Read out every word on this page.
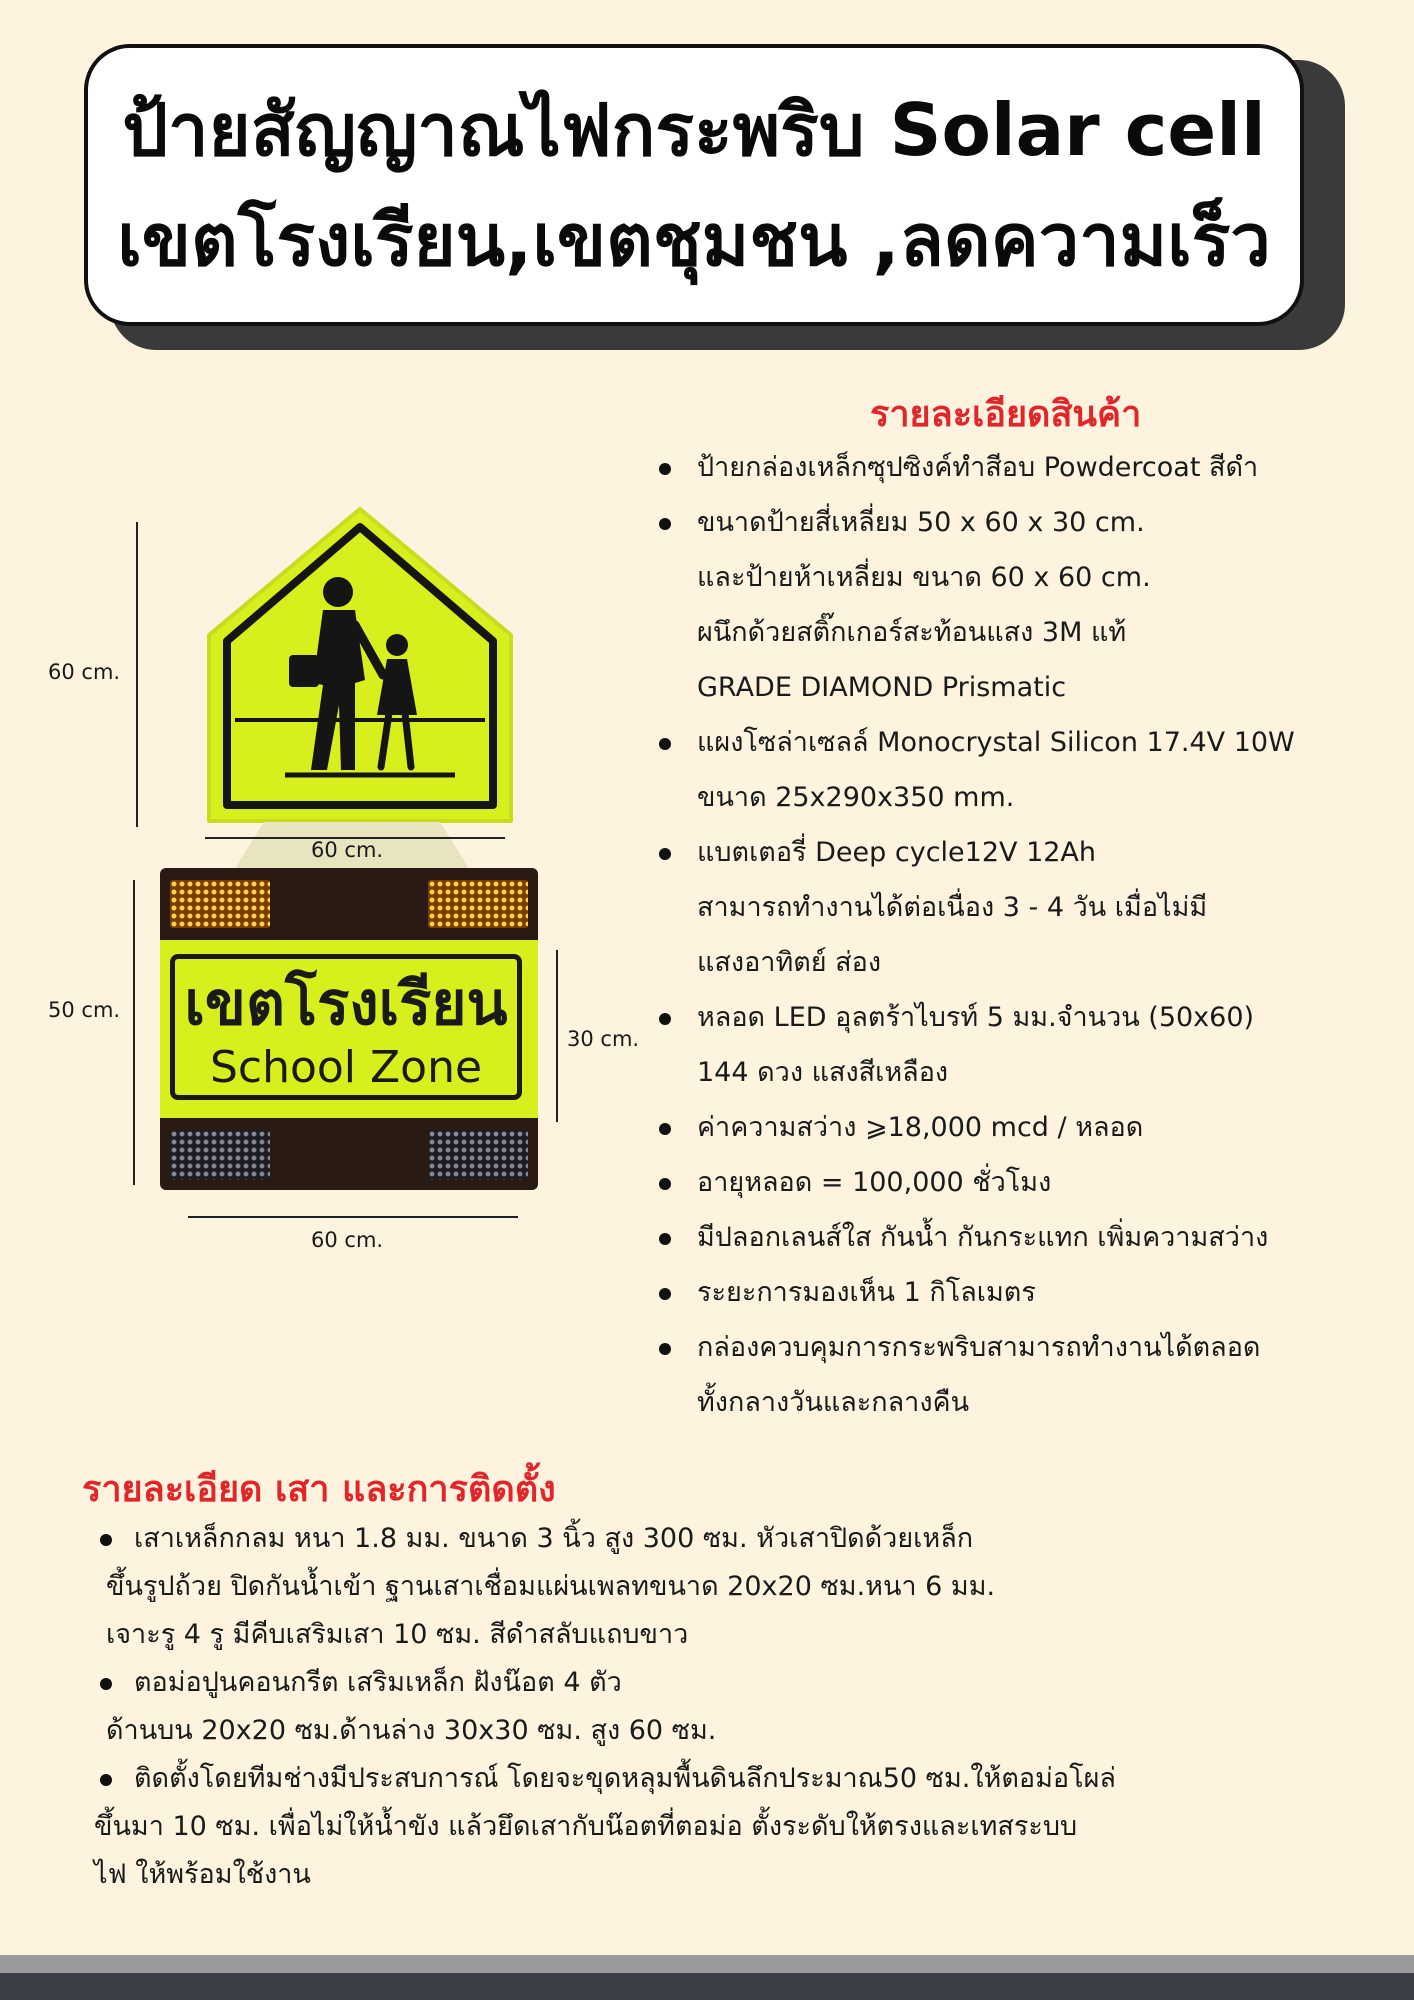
ป้ายสัญญาณไฟกระพริบ Solar cell
เขตโรงเรียน,เขตชุมชน ,ลดความเร็ว
เขตโรงเรียน
School Zone
60 cm.
60 cm.
50 cm.
30 cm.
60 cm.
รายละเอียดสินค้า
ป้ายกล่องเหล็กซุปซิงค์ทำสีอบ Powdercoat สีดำ
ขนาดป้ายสี่เหลี่ยม 50 x 60 x 30 cm.
และป้ายห้าเหลี่ยม ขนาด 60 x 60 cm.
ผนึกด้วยสติ๊กเกอร์สะท้อนแสง 3M แท้
GRADE DIAMOND Prismatic
แผงโซล่าเซลล์ Monocrystal Silicon 17.4V 10W
ขนาด 25x290x350 mm.
แบตเตอรี่ Deep cycle12V 12Ah
สามารถทำงานได้ต่อเนื่อง 3 - 4 วัน เมื่อไม่มี
แสงอาทิตย์ ส่อง
หลอด LED อุลตร้าไบรท์ 5 มม.จำนวน (50x60)
144 ดวง แสงสีเหลือง
ค่าความสว่าง ⩾18,000 mcd / หลอด
อายุหลอด = 100,000 ชั่วโมง
มีปลอกเลนส์ใส กันน้ำ กันกระแทก เพิ่มความสว่าง
ระยะการมองเห็น 1 กิโลเมตร
กล่องควบคุมการกระพริบสามารถทำงานได้ตลอด
ทั้งกลางวันและกลางคืน
รายละเอียด เสา และการติดตั้ง
เสาเหล็กกลม หนา 1.8 มม. ขนาด 3 นิ้ว สูง 300 ซม. หัวเสาปิดด้วยเหล็ก
ขึ้นรูปถ้วย ปิดกันน้ำเข้า ฐานเสาเชื่อมแผ่นเพลทขนาด 20x20 ซม.หนา 6 มม.
เจาะรู 4 รู มีคีบเสริมเสา 10 ซม. สีดำสลับแถบขาว
ตอม่อปูนคอนกรีต เสริมเหล็ก ฝังน๊อต 4 ตัว
ด้านบน 20x20 ซม.ด้านล่าง 30x30 ซม. สูง 60 ซม.
ติดตั้งโดยทีมช่างมีประสบการณ์ โดยจะขุดหลุมพื้นดินลึกประมาณ50 ซม.ให้ตอม่อโผล่
ขึ้นมา 10 ซม. เพื่อไม่ให้น้ำขัง แล้วยึดเสากับน๊อตที่ตอม่อ ตั้งระดับให้ตรงและเทสระบบ
ไฟ ให้พร้อมใช้งาน
